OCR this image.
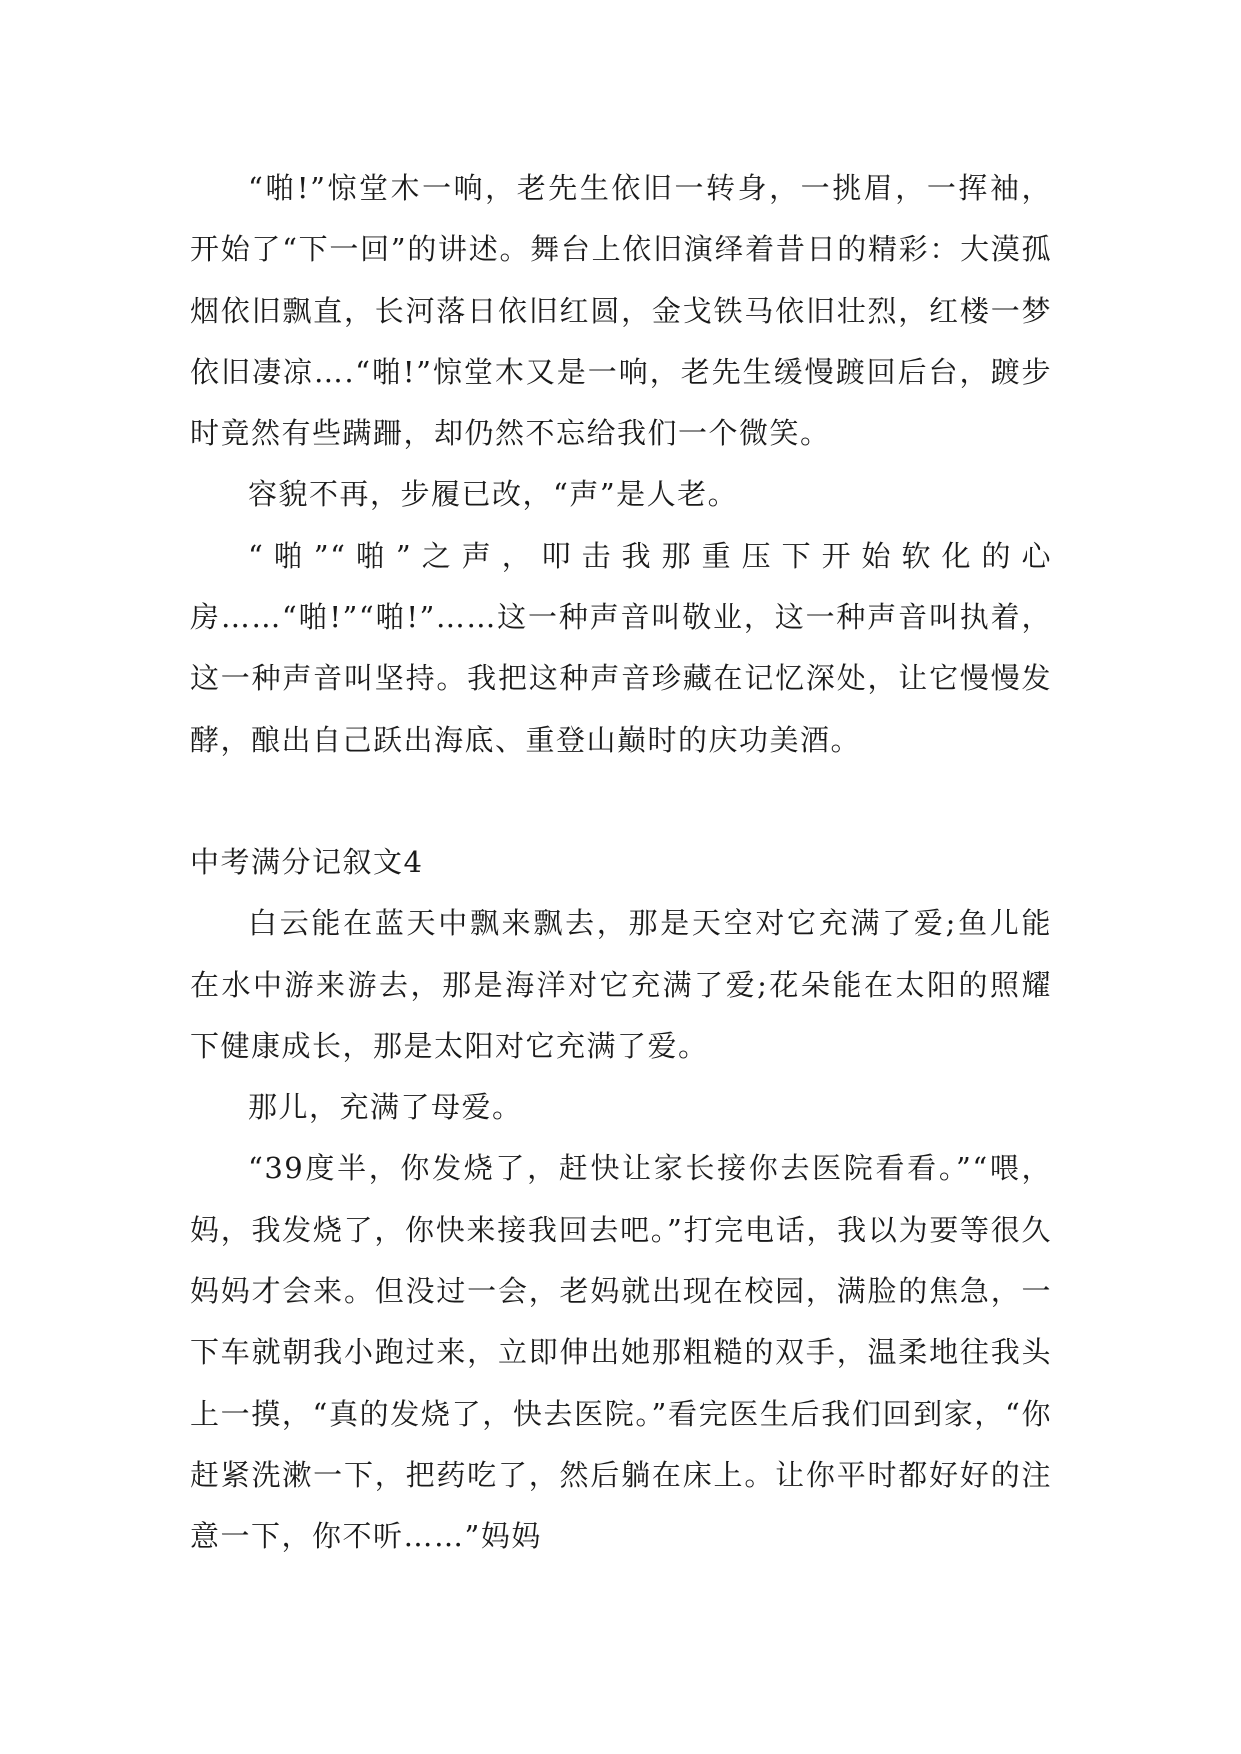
“啪!”惊堂木一响，老先生依旧一转身，一挑眉，一挥袖，开始了“下一回”的讲述。舞台上依旧演绎着昔日的精彩：大漠孤烟依旧飘直，长河落日依旧红圆，金戈铁马依旧壮烈，红楼一梦依旧凄凉….“啪!”惊堂木又是一响，老先生缓慢踱回后台，踱步时竟然有些蹒跚，却仍然不忘给我们一个微笑。

容貌不再，步履已改，“声”是人老。

“啪”“啪”之声，叩击我那重压下开始软化的心房……“啪!”“啪!”……这一种声音叫敬业，这一种声音叫执着，这一种声音叫坚持。我把这种声音珍藏在记忆深处，让它慢慢发酵，酿出自己跃出海底、重登山巅时的庆功美酒。

中考满分记叙文4

白云能在蓝天中飘来飘去，那是天空对它充满了爱;鱼儿能在水中游来游去，那是海洋对它充满了爱;花朵能在太阳的照耀下健康成长，那是太阳对它充满了爱。

那儿，充满了母爱。

“39度半，你发烧了，赶快让家长接你去医院看看。”“喂，妈，我发烧了，你快来接我回去吧。”打完电话，我以为要等很久妈妈才会来。但没过一会，老妈就出现在校园，满脸的焦急，一下车就朝我小跑过来，立即伸出她那粗糙的双手，温柔地往我头上一摸，“真的发烧了，快去医院。”看完医生后我们回到家，“你赶紧洗漱一下，把药吃了，然后躺在床上。让你平时都好好的注意一下，你不听……”妈妈
